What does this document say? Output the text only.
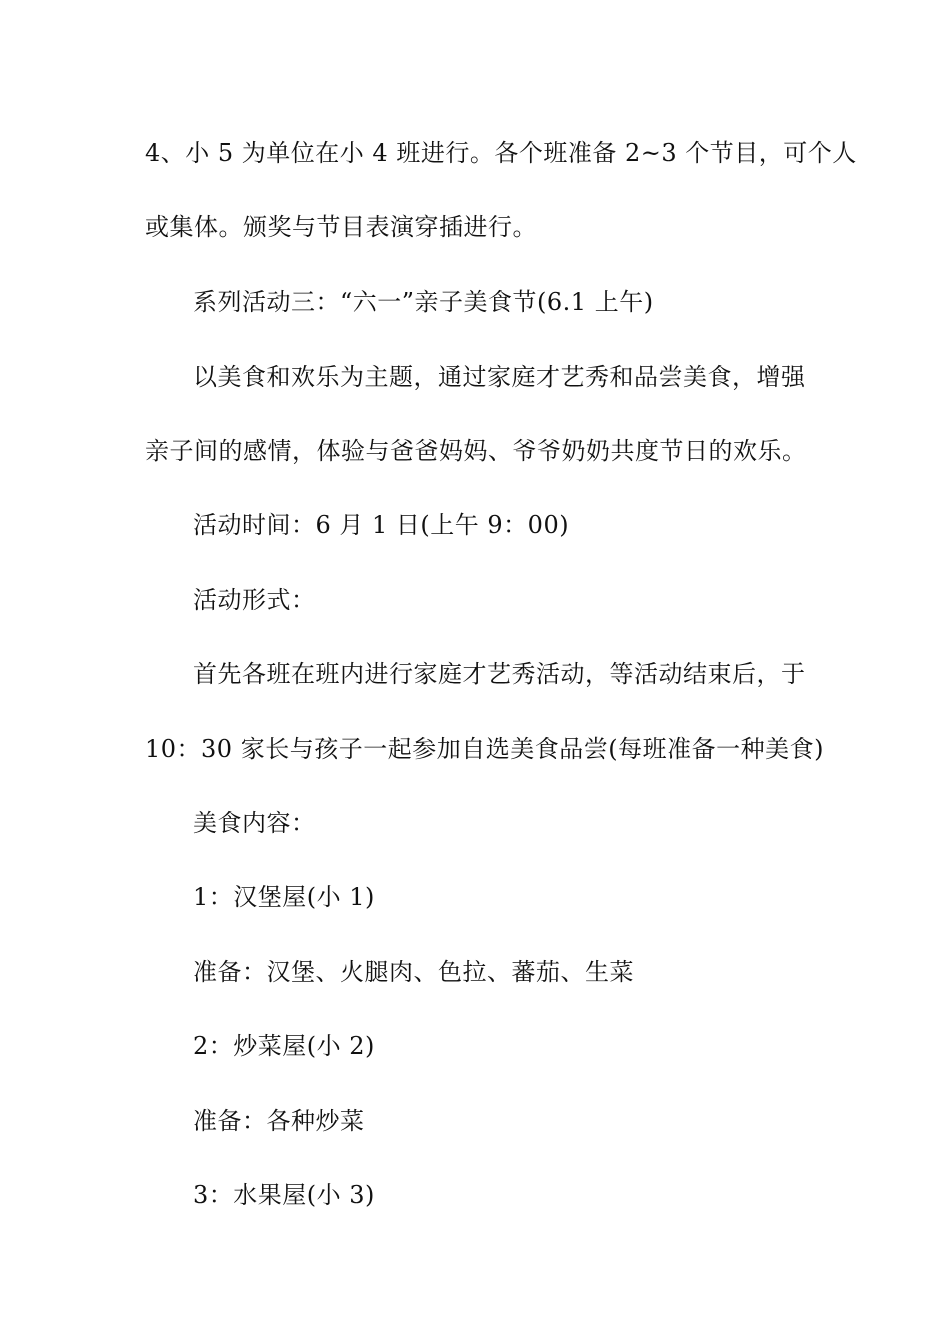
4、小 5 为单位在小 4 班进行。各个班准备 2~3 个节目，可个人
或集体。颁奖与节目表演穿插进行。
系列活动三：“六一”亲子美食节(6.1 上午)
以美食和欢乐为主题，通过家庭才艺秀和品尝美食，增强
亲子间的感情，体验与爸爸妈妈、爷爷奶奶共度节日的欢乐。
活动时间：6 月 1 日(上午 9：00)
活动形式：
首先各班在班内进行家庭才艺秀活动，等活动结束后，于
10：30 家长与孩子一起参加自选美食品尝(每班准备一种美食)
美食内容：
1：汉堡屋(小 1)
准备：汉堡、火腿肉、色拉、蕃茄、生菜
2：炒菜屋(小 2)
准备：各种炒菜
3：水果屋(小 3)
